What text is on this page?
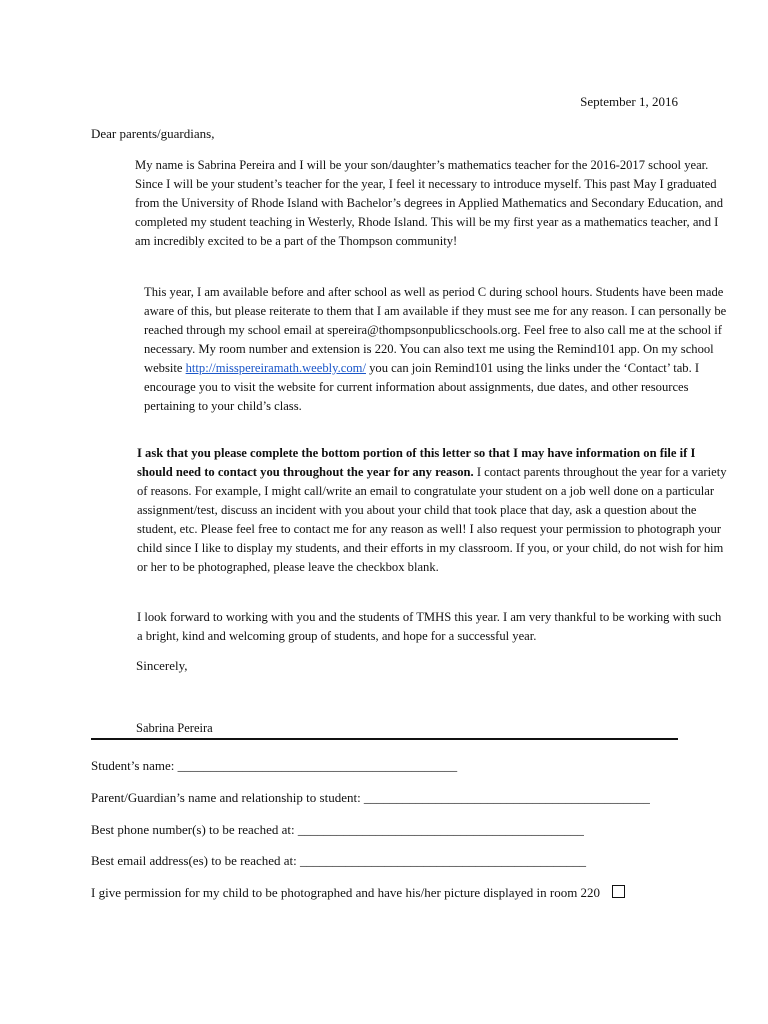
September 1, 2016
Dear parents/guardians,
My name is Sabrina Pereira and I will be your son/daughter’s mathematics teacher for the 2016-2017 school year. Since I will be your student’s teacher for the year, I feel it necessary to introduce myself. This past May I graduated from the University of Rhode Island with Bachelor’s degrees in Applied Mathematics and Secondary Education, and completed my student teaching in Westerly, Rhode Island. This will be my first year as a mathematics teacher, and I am incredibly excited to be a part of the Thompson community!
This year, I am available before and after school as well as period C during school hours. Students have been made aware of this, but please reiterate to them that I am available if they must see me for any reason. I can personally be reached through my school email at spereira@thompsonpublicschools.org. Feel free to also call me at the school if necessary. My room number and extension is 220. You can also text me using the Remind101 app. On my school website http://misspereiramath.weebly.com/ you can join Remind101 using the links under the ‘Contact’ tab. I encourage you to visit the website for current information about assignments, due dates, and other resources pertaining to your child’s class.
I ask that you please complete the bottom portion of this letter so that I may have information on file if I should need to contact you throughout the year for any reason. I contact parents throughout the year for a variety of reasons. For example, I might call/write an email to congratulate your student on a job well done on a particular assignment/test, discuss an incident with you about your child that took place that day, ask a question about the student, etc. Please feel free to contact me for any reason as well! I also request your permission to photograph your child since I like to display my students, and their efforts in my classroom. If you, or your child, do not wish for him or her to be photographed, please leave the checkbox blank.
I look forward to working with you and the students of TMHS this year. I am very thankful to be working with such a bright, kind and welcoming group of students, and hope for a successful year.
Sincerely,
Sabrina Pereira
Student’s name: ___________________________________________
Parent/Guardian’s name and relationship to student: ____________________________________________
Best phone number(s) to be reached at: ____________________________________________
Best email address(es) to be reached at: ____________________________________________
I give permission for my child to be photographed and have his/her picture displayed in room 220
